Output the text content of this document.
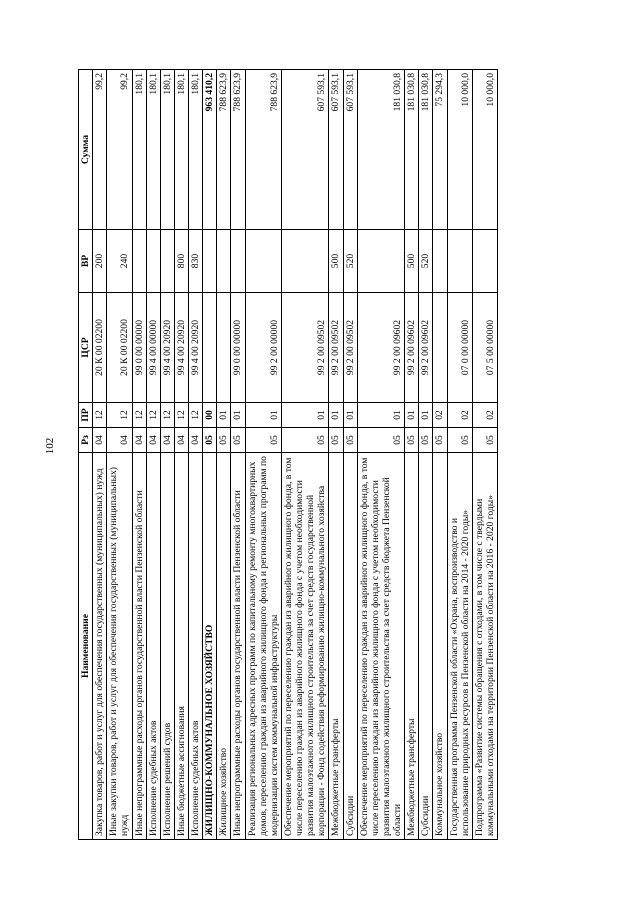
102
Наименование	Рз	ПР	ЦСР	ВР	Сумма
Закупка товаров, работ и услуг для обеспечения государственных (муниципальных) нужд	04	12	20 К 00 02200	200	99,2
Иные закупки товаров, работ и услуг для обеспечения государственных (муниципальных) нужд	04	12	20 К 00 02200	240	99,2
Иные непрограммные расходы органов государственной власти Пензенской области	04	12	99 0 00 00000		180,1
Исполнение судебных актов	04	12	99 4 00 00000		180,1
Исполнение решений судов	04	12	99 4 00 20920		180,1
Иные бюджетные ассигнования	04	12	99 4 00 20920	800	180,1
Исполнение судебных актов	04	12	99 4 00 20920	830	180,1
ЖИЛИЩНО-КОММУНАЛЬНОЕ ХОЗЯЙСТВО	05	00			963 410,2
Жилищное хозяйство	05	01			788 623,9
Иные непрограммные расходы органов государственной власти Пензенской области	05	01	99 0 00 00000		788 623,9
Реализация региональных адресных программ по капитальному ремонту многоквартирных домов, переселению граждан из аварийного жилищного фонда и региональных программ по модернизации систем коммунальной инфраструктуры	05	01	99 2 00 00000		788 623,9
Обеспечение мероприятий по переселению граждан из аварийного жилищного фонда, в том числе переселению граждан из аварийного жилищного фонда с учетом необходимости развития малоэтажного жилищного строительства за счет средств государственной корпорации - Фонд содействия реформированию жилищно-коммунального хозяйства	05	01	99 2 00 09502		607 593,1
Межбюджетные трансферты	05	01	99 2 00 09502	500	607 593,1
Субсидии	05	01	99 2 00 09502	520	607 593,1
Обеспечение мероприятий по переселению граждан из аварийного жилищного фонда, в том числе переселению граждан из аварийного жилищного фонда с учетом необходимости развития малоэтажного жилищного строительства за счет средств бюджета Пензенской области	05	01	99 2 00 09602		181 030,8
Межбюджетные трансферты	05	01	99 2 00 09602	500	181 030,8
Субсидии	05	01	99 2 00 09602	520	181 030,8
Коммунальное хозяйство	05	02			75 294,3
Государственная программа Пензенской области «Охрана, воспроизводство и использование природных ресурсов в Пензенской области на 2014 - 2020 годы»	05	02	07 0 00 00000		10 000,0
Подпрограмма «Развитие системы обращения с отходами, в том числе с твердыми коммунальными отходами на территории Пензенской области на 2016 - 2020 годы»	05	02	07 5 00 00000		10 000,0
